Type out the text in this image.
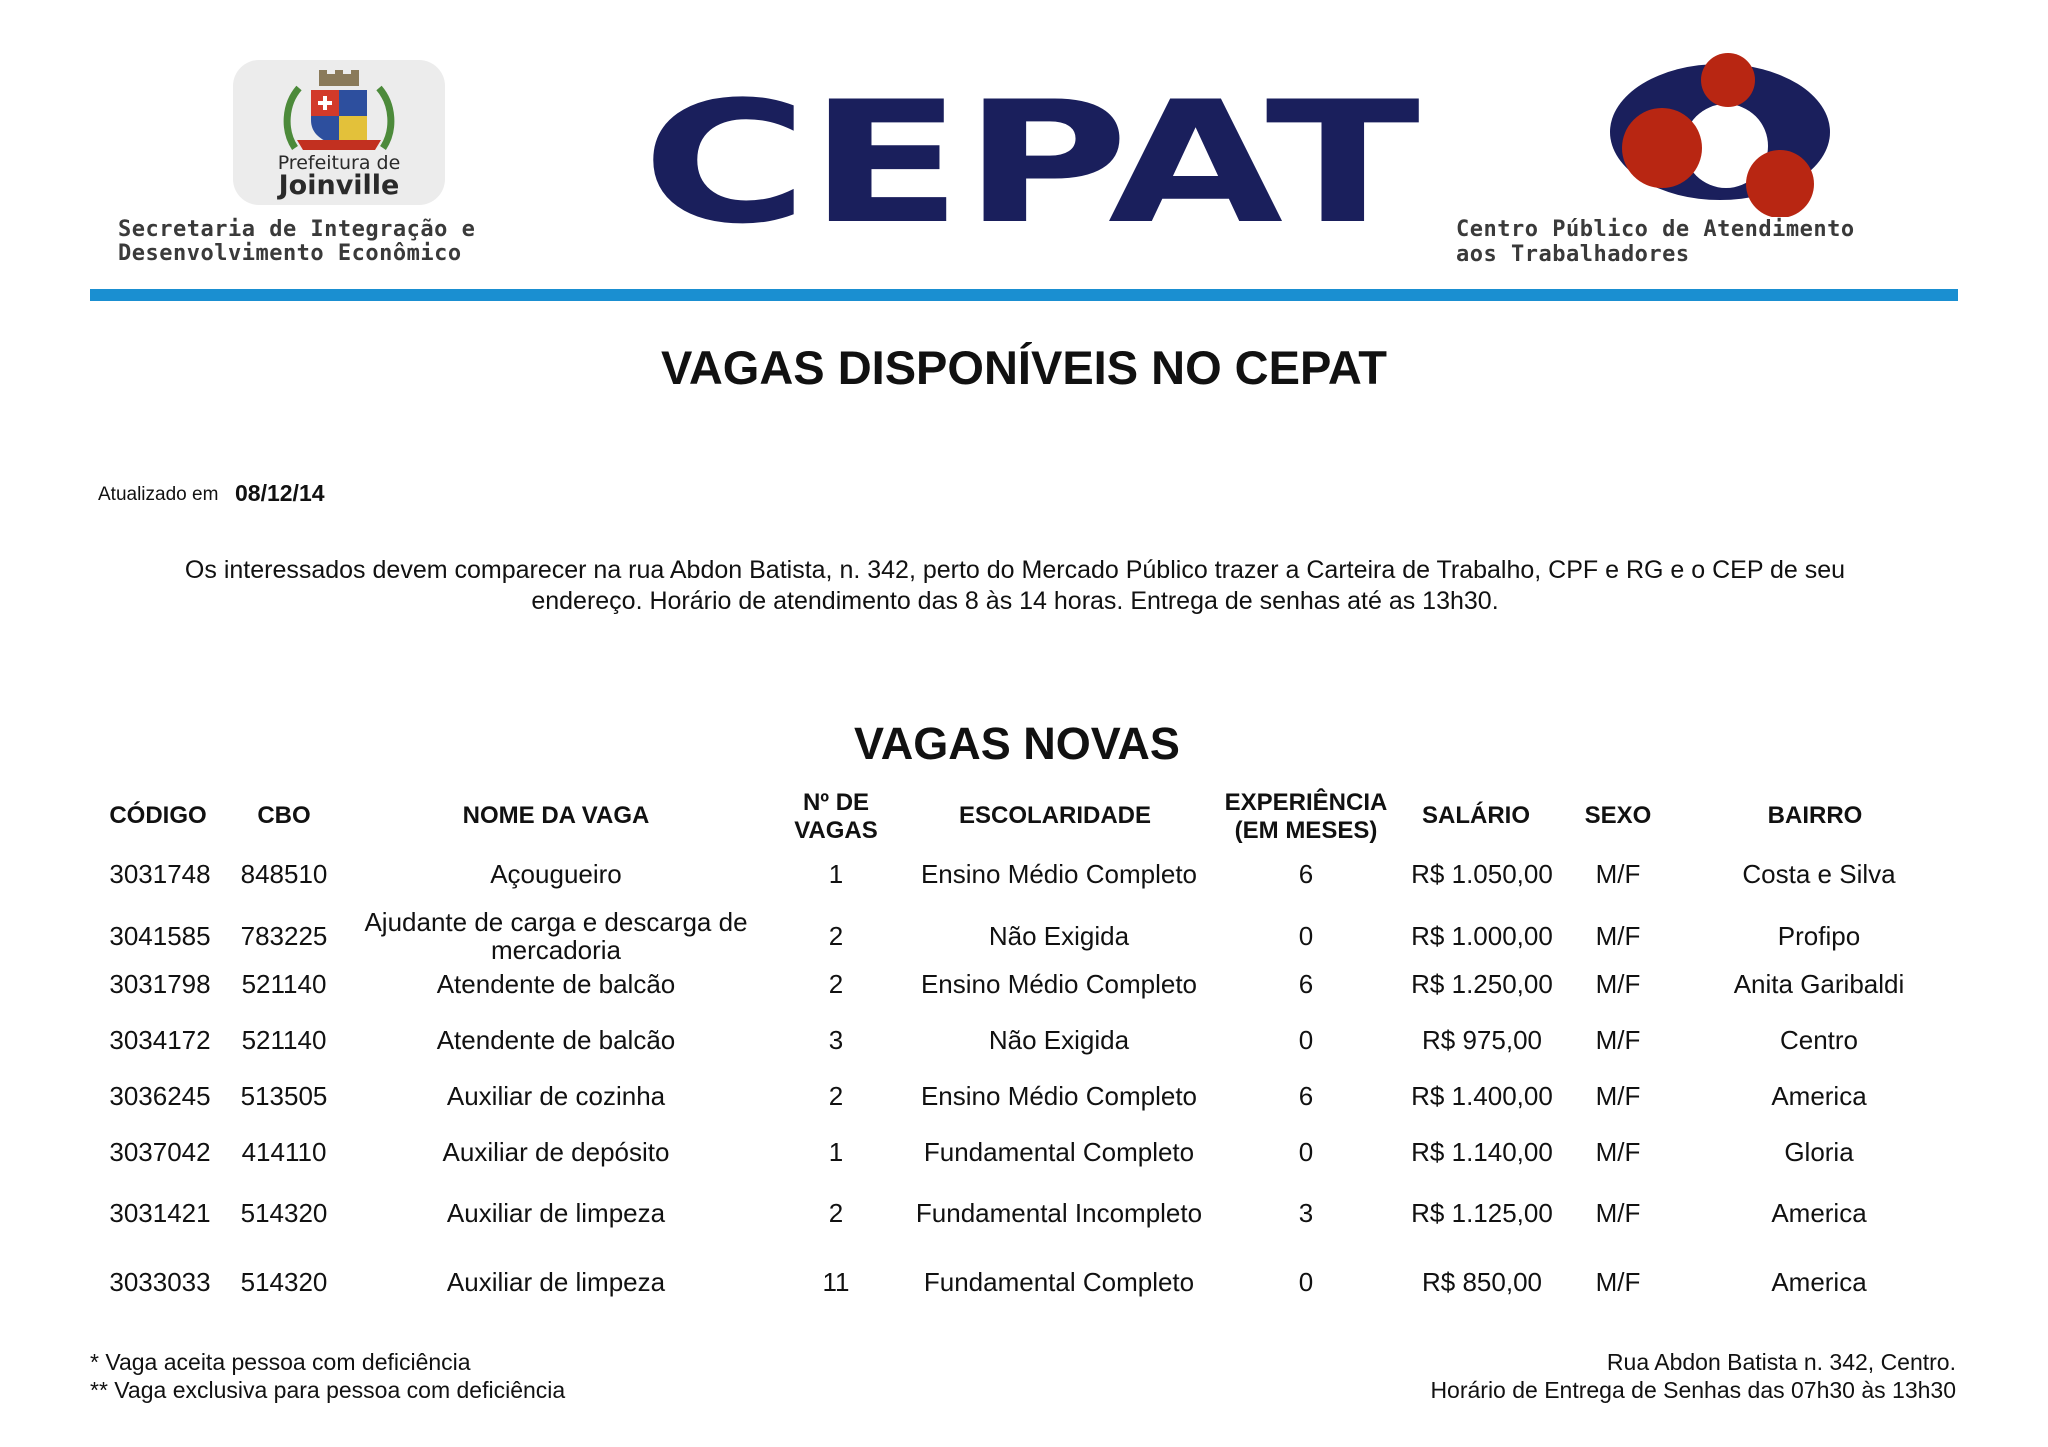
Prefeitura de
Joinville
Secretaria de Integração e
Desenvolvimento Econômico CEPAT Centro Público de Atendimento
aos Trabalhadores
VAGAS DISPONÍVEIS NO CEPAT
Atualizado em 08/12/14
Os interessados devem comparecer na rua Abdon Batista, n. 342, perto do Mercado Público trazer a Carteira de Trabalho, CPF e RG e o CEP de seu
endereço. Horário de atendimento das 8 às 14 horas. Entrega de senhas até as 13h30.
VAGAS NOVAS
CÓDIGO	CBO	NOME DA VAGA	Nº DE
VAGAS
ESCOLARIDADE	EXPERIÊNCIA
(EM MESES)
SALÁRIO	SEXO	BAIRRO
3031748	848510	Açougueiro	1	Ensino Médio Completo	6	R$ 1.050,00	M/F	Costa e Silva
3041585	783225	Ajudante de carga e descarga de mercadoria	2	Não Exigida	0	R$ 1.000,00	M/F	Profipo
3031798	521140	Atendente de balcão	2	Ensino Médio Completo	6	R$ 1.250,00	M/F	Anita Garibaldi
3034172	521140	Atendente de balcão	3	Não Exigida	0	R$ 975,00	M/F	Centro
3036245	513505	Auxiliar de cozinha	2	Ensino Médio Completo	6	R$ 1.400,00	M/F	America
3037042	414110	Auxiliar de depósito	1	Fundamental Completo	0	R$ 1.140,00	M/F	Gloria
3031421	514320	Auxiliar de limpeza	2	Fundamental Incompleto	3	R$ 1.125,00	M/F	America
3033033	514320	Auxiliar de limpeza	11	Fundamental Completo	0	R$ 850,00	M/F	America
* Vaga aceita pessoa com deficiência
** Vaga exclusiva para pessoa com deficiência
Rua Abdon Batista n. 342, Centro.
Horário de Entrega de Senhas das 07h30 às 13h30
